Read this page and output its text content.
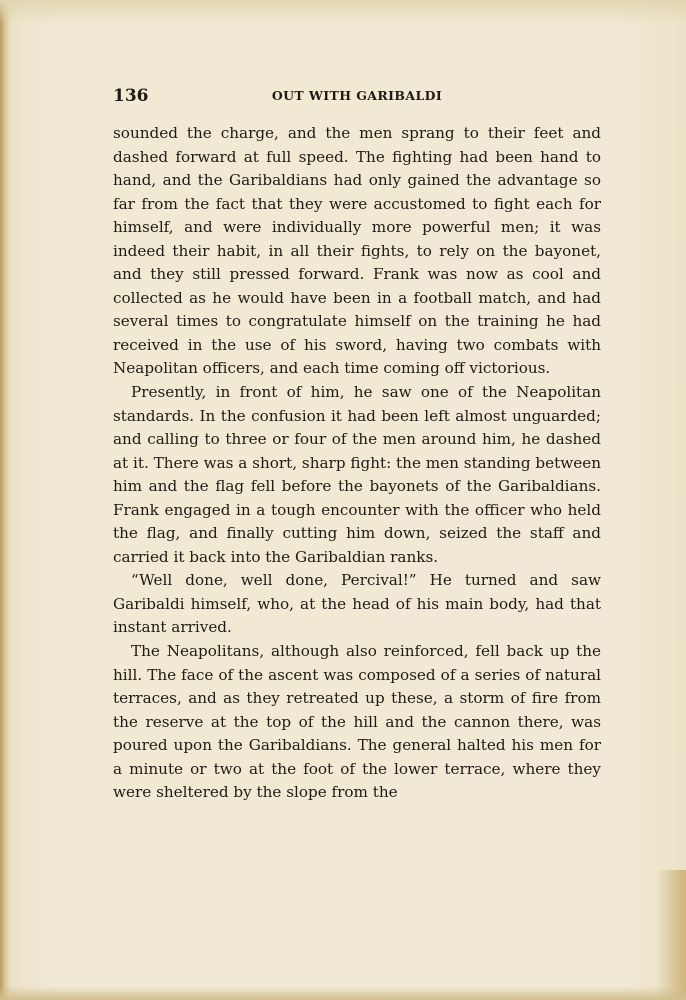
136	OUT WITH GARIBALDI

sounded the charge, and the men sprang to their feet and dashed forward at full speed. The fighting had been hand to hand, and the Garibaldians had only gained the advantage so far from the fact that they were accustomed to fight each for himself, and were individually more powerful men; it was indeed their habit, in all their fights, to rely on the bayonet, and they still pressed forward. Frank was now as cool and collected as he would have been in a football match, and had several times to congratulate himself on the training he had received in the use of his sword, having two combats with Neapolitan officers, and each time coming off victorious.

Presently, in front of him, he saw one of the Neapolitan standards. In the confusion it had been left almost unguarded; and calling to three or four of the men around him, he dashed at it. There was a short, sharp fight: the men standing between him and the flag fell before the bayonets of the Garibaldians. Frank engaged in a tough encounter with the officer who held the flag, and finally cutting him down, seized the staff and carried it back into the Garibaldian ranks.

“Well done, well done, Percival!” He turned and saw Garibaldi himself, who, at the head of his main body, had that instant arrived.

The Neapolitans, although also reinforced, fell back up the hill. The face of the ascent was composed of a series of natural terraces, and as they retreated up these, a storm of fire from the reserve at the top of the hill and the cannon there, was poured upon the Garibaldians. The general halted his men for a minute or two at the foot of the lower terrace, where they were sheltered by the slope from the
